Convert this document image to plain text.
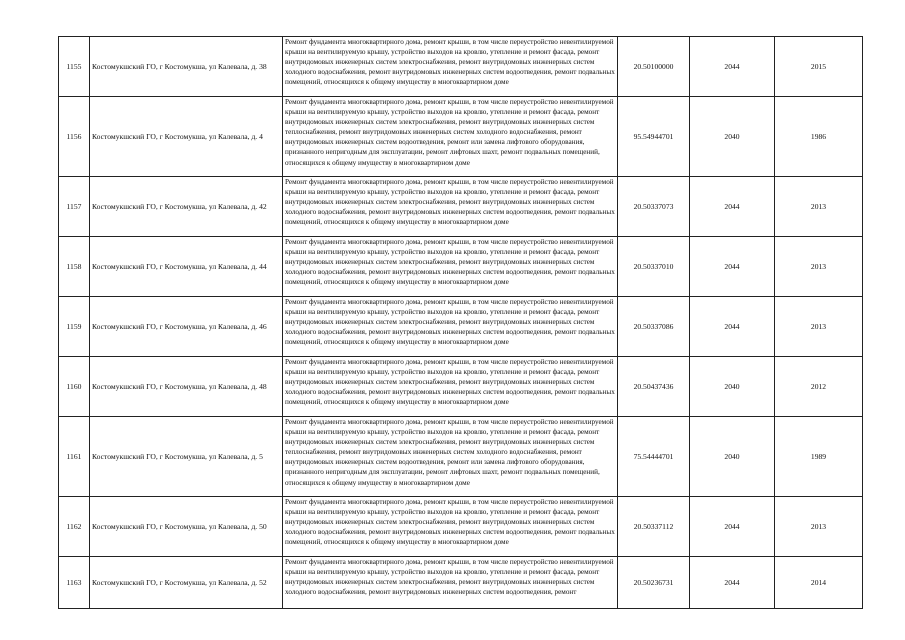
1155	Костомукшский ГО, г Костомукша, ул Калевала, д. 38	Ремонт фундамента многоквартирного дома, ремонт крыши, в том числе переустройство невентилируемой крыши на вентилируемую крышу, устройство выходов на кровлю, утепление и ремонт фасада, ремонт внутридомовых инженерных систем электроснабжения, ремонт внутридомовых инженерных систем холодного водоснабжения, ремонт внутридомовых инженерных систем водоотведения, ремонт подвальных помещений, относящихся к общему имуществу в многоквартирном доме	20.50100000	2044	2015
1156	Костомукшский ГО, г Костомукша, ул Калевала, д. 4	Ремонт фундамента многоквартирного дома, ремонт крыши, в том числе переустройство невентилируемой крыши на вентилируемую крышу, устройство выходов на кровлю, утепление и ремонт фасада, ремонт внутридомовых инженерных систем электроснабжения, ремонт внутридомовых инженерных систем теплоснабжения, ремонт внутридомовых инженерных систем холодного водоснабжения, ремонт внутридомовых инженерных систем водоотведения, ремонт или замена лифтового оборудования, признанного непригодным для эксплуатации, ремонт лифтовых шахт, ремонт подвальных помещений, относящихся к общему имуществу в многоквартирном доме	95.54944701	2040	1986
1157	Костомукшский ГО, г Костомукша, ул Калевала, д. 42	Ремонт фундамента многоквартирного дома, ремонт крыши, в том числе переустройство невентилируемой крыши на вентилируемую крышу, устройство выходов на кровлю, утепление и ремонт фасада, ремонт внутридомовых инженерных систем электроснабжения, ремонт внутридомовых инженерных систем холодного водоснабжения, ремонт внутридомовых инженерных систем водоотведения, ремонт подвальных помещений, относящихся к общему имуществу в многоквартирном доме	20.50337073	2044	2013
1158	Костомукшский ГО, г Костомукша, ул Калевала, д. 44	Ремонт фундамента многоквартирного дома, ремонт крыши, в том числе переустройство невентилируемой крыши на вентилируемую крышу, устройство выходов на кровлю, утепление и ремонт фасада, ремонт внутридомовых инженерных систем электроснабжения, ремонт внутридомовых инженерных систем холодного водоснабжения, ремонт внутридомовых инженерных систем водоотведения, ремонт подвальных помещений, относящихся к общему имуществу в многоквартирном доме	20.50337010	2044	2013
1159	Костомукшский ГО, г Костомукша, ул Калевала, д. 46	Ремонт фундамента многоквартирного дома, ремонт крыши, в том числе переустройство невентилируемой крыши на вентилируемую крышу, устройство выходов на кровлю, утепление и ремонт фасада, ремонт внутридомовых инженерных систем электроснабжения, ремонт внутридомовых инженерных систем холодного водоснабжения, ремонт внутридомовых инженерных систем водоотведения, ремонт подвальных помещений, относящихся к общему имуществу в многоквартирном доме	20.50337086	2044	2013
1160	Костомукшский ГО, г Костомукша, ул Калевала, д. 48	Ремонт фундамента многоквартирного дома, ремонт крыши, в том числе переустройство невентилируемой крыши на вентилируемую крышу, устройство выходов на кровлю, утепление и ремонт фасада, ремонт внутридомовых инженерных систем электроснабжения, ремонт внутридомовых инженерных систем холодного водоснабжения, ремонт внутридомовых инженерных систем водоотведения, ремонт подвальных помещений, относящихся к общему имуществу в многоквартирном доме	20.50437436	2040	2012
1161	Костомукшский ГО, г Костомукша, ул Калевала, д. 5	Ремонт фундамента многоквартирного дома, ремонт крыши, в том числе переустройство невентилируемой крыши на вентилируемую крышу, устройство выходов на кровлю, утепление и ремонт фасада, ремонт внутридомовых инженерных систем электроснабжения, ремонт внутридомовых инженерных систем теплоснабжения, ремонт внутридомовых инженерных систем холодного водоснабжения, ремонт внутридомовых инженерных систем водоотведения, ремонт или замена лифтового оборудования, признанного непригодным для эксплуатации, ремонт лифтовых шахт, ремонт подвальных помещений, относящихся к общему имуществу в многоквартирном доме	75.54444701	2040	1989
1162	Костомукшский ГО, г Костомукша, ул Калевала, д. 50	Ремонт фундамента многоквартирного дома, ремонт крыши, в том числе переустройство невентилируемой крыши на вентилируемую крышу, устройство выходов на кровлю, утепление и ремонт фасада, ремонт внутридомовых инженерных систем электроснабжения, ремонт внутридомовых инженерных систем холодного водоснабжения, ремонт внутридомовых инженерных систем водоотведения, ремонт подвальных помещений, относящихся к общему имуществу в многоквартирном доме	20.50337112	2044	2013
1163	Костомукшский ГО, г Костомукша, ул Калевала, д. 52	Ремонт фундамента многоквартирного дома, ремонт крыши, в том числе переустройство невентилируемой крыши на вентилируемую крышу, устройство выходов на кровлю, утепление и ремонт фасада, ремонт внутридомовых инженерных систем электроснабжения, ремонт внутридомовых инженерных систем холодного водоснабжения, ремонт внутридомовых инженерных систем водоотведения, ремонт	20.50236731	2044	2014
